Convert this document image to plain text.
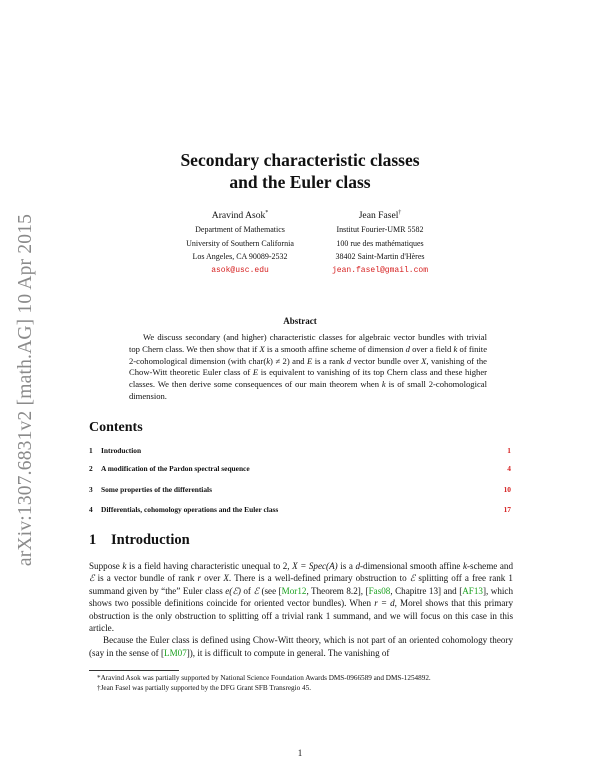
arXiv:1307.6831v2 [math.AG] 10 Apr 2015
Secondary characteristic classes
and the Euler class
Aravind Asok*
Department of Mathematics
University of Southern California
Los Angeles, CA 90089-2532
asok@usc.edu
Jean Fasel†
Institut Fourier-UMR 5582
100 rue des mathématiques
38402 Saint-Martin d'Hères
jean.fasel@gmail.com
Abstract
We discuss secondary (and higher) characteristic classes for algebraic vector bundles with trivial top Chern class. We then show that if X is a smooth affine scheme of dimension d over a field k of finite 2-cohomological dimension (with char(k) ≠ 2) and E is a rank d vector bundle over X, vanishing of the Chow-Witt theoretic Euler class of E is equivalent to vanishing of its top Chern class and these higher classes. We then derive some consequences of our main theorem when k is of small 2-cohomological dimension.
Contents
1 Introduction	1
2 A modification of the Pardon spectral sequence	4
3 Some properties of the differentials	10
4 Differentials, cohomology operations and the Euler class	17
1 Introduction

Suppose k is a field having characteristic unequal to 2, X = Spec(A) is a d-dimensional smooth affine k-scheme and ℰ is a vector bundle of rank r over X. There is a well-defined primary obstruction to ℰ splitting off a free rank 1 summand given by “the” Euler class e(ℰ) of ℰ (see [Mor12, Theorem 8.2], [Fas08, Chapitre 13] and [AF13], which shows two possible definitions coincide for oriented vector bundles). When r = d, Morel shows that this primary obstruction is the only obstruction to splitting off a trivial rank 1 summand, and we will focus on this case in this article.

Because the Euler class is defined using Chow-Witt theory, which is not part of an oriented cohomology theory (say in the sense of [LM07]), it is difficult to compute in general. The vanishing of

*Aravind Asok was partially supported by National Science Foundation Awards DMS-0966589 and DMS-1254892.
†Jean Fasel was partially supported by the DFG Grant SFB Transregio 45.
1
